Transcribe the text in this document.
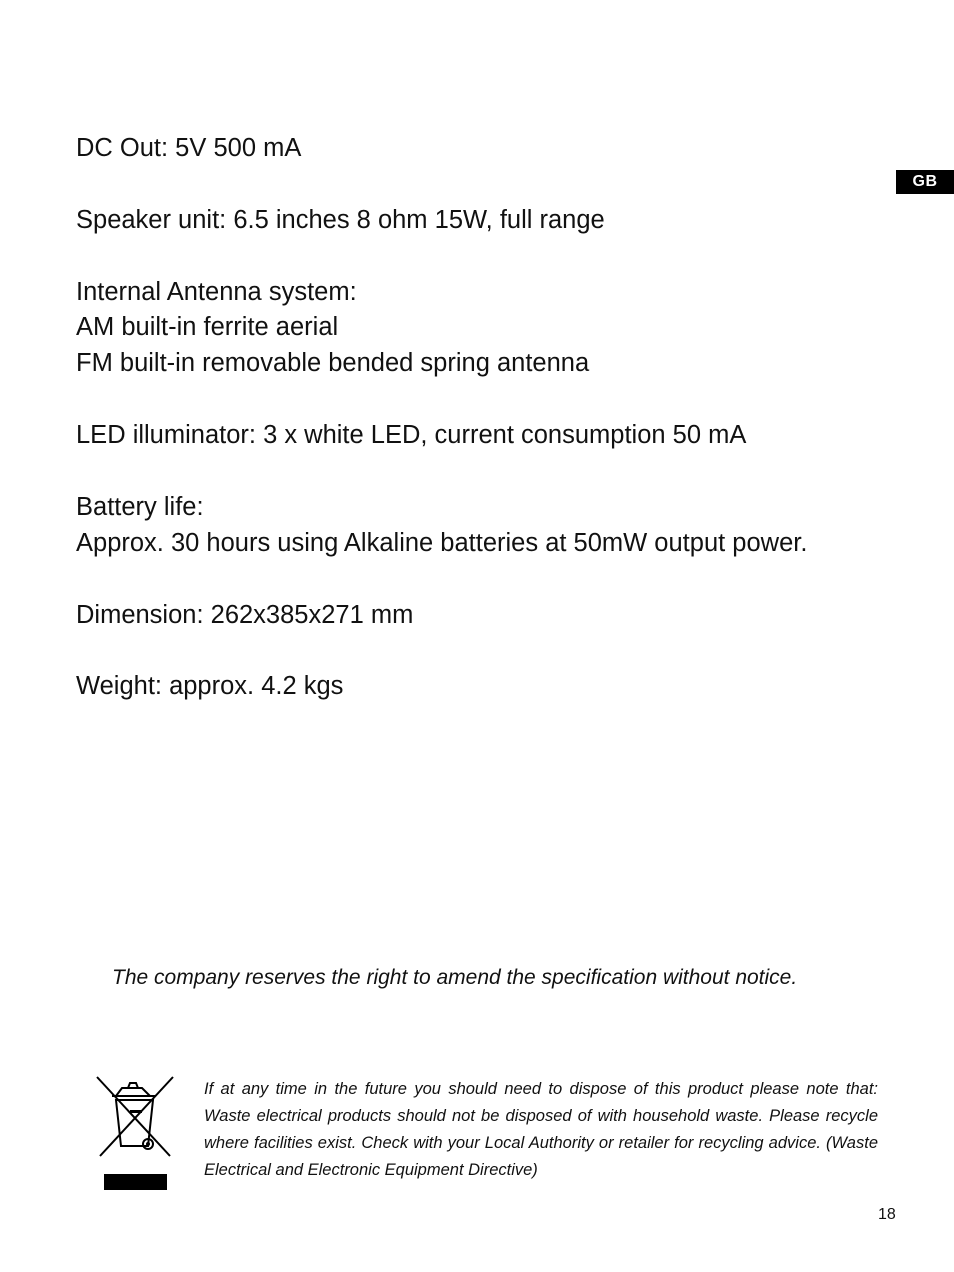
GB

DC Out: 5V 500 mA

Speaker unit: 6.5 inches 8 ohm 15W, full range

Internal Antenna system:

AM built-in ferrite aerial

FM built-in removable bended spring antenna

LED illuminator: 3 x white LED, current consumption 50 mA

Battery life:

Approx. 30 hours using Alkaline batteries at 50mW output power.

Dimension: 262x385x271 mm

Weight: approx. 4.2 kgs

The company reserves the right to amend the specification without notice.

If at any time in the future you should need to dispose of this product please note that: Waste electrical products should not be disposed of with household waste. Please recycle where facilities exist. Check with your Local Authority or retailer for recycling advice. (Waste Electrical and Electronic Equipment Directive)

18
